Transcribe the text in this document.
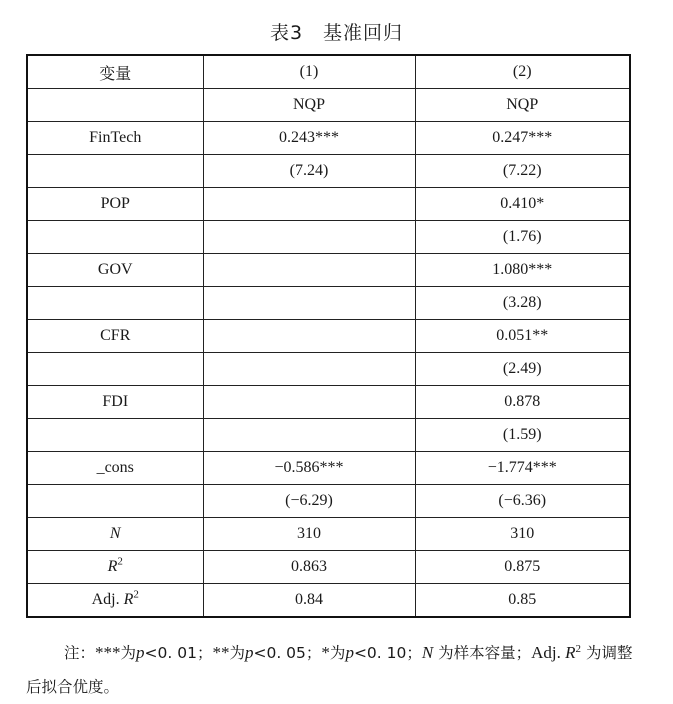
表3　基准回归
变量	(1)	(2)
	NQP	NQP
FinTech	0.243***	0.247***
	(7.24)	(7.22)
POP		0.410*
		(1.76)
GOV		1.080***
		(3.28)
CFR		0.051**
		(2.49)
FDI		0.878
		(1.59)
_cons	−0.586***	−1.774***
	(−6.29)	(−6.36)
N	310	310
$R^2$	0.863	0.875
Adj. $R^2$	0.84	0.85
注：***为p<0. 01；**为p<0. 05；*为p<0. 10；N 为样本容量；Adj. $R^2$ 为调整后拟合优度。
